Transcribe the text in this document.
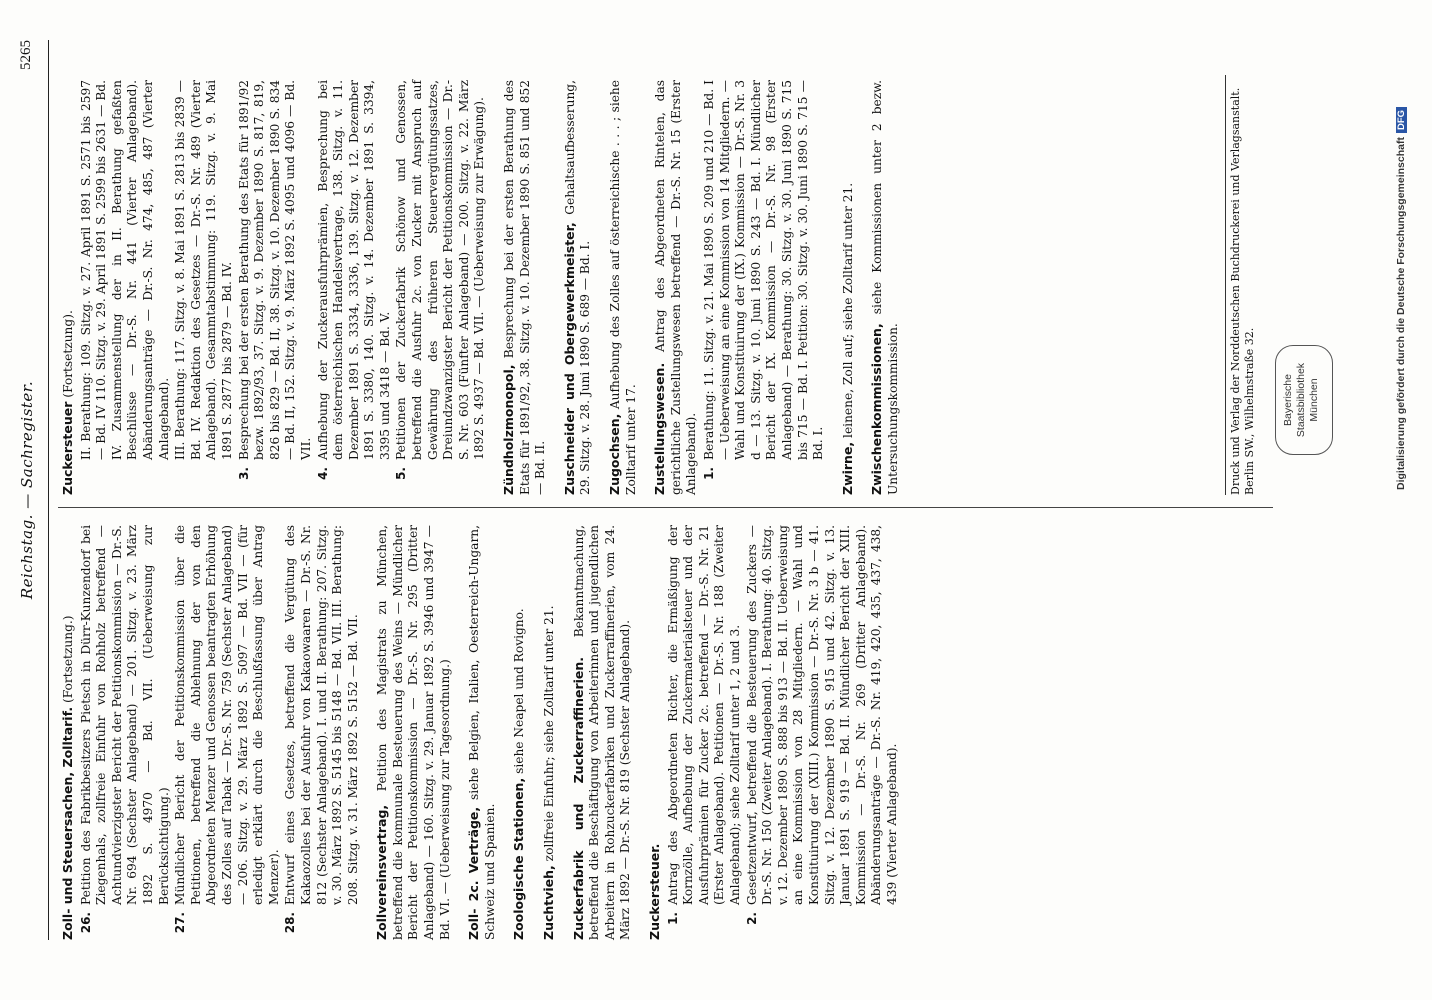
Reichstag. — Sachregister.
5265
Zoll- und Steuersachen, Zolltarif. (Fortsetzung.)
26.
Petition des Fabrikbesitzers Pietsch in Dürr-Kunzendorf bei Ziegenhals, zollfreie Einfuhr von Rohholz betreffend — Achtundvierzigster Bericht der Petitionskommission — Dr.-S. Nr. 694 (Sechster Anlageband) — 201. Sitzg. v. 23. März 1892 S. 4970 — Bd. VII. (Ueberweisung zur Berücksichtigung.)
27.
Mündlicher Bericht der Petitionskommission über die Petitionen, betreffend die Ablehnung der von den Abgeordneten Menzer und Genossen beantragten Erhöhung des Zolles auf Tabak — Dr.-S. Nr. 759 (Sechster Anlageband) — 206. Sitzg. v. 29. März 1892 S. 5097 — Bd. VII — (für erledigt erklärt durch die Beschlußfassung über Antrag Menzer).
28.
Entwurf eines Gesetzes, betreffend die Vergütung des Kakaozolles bei der Ausfuhr von Kakaowaaren — Dr.-S. Nr. 812 (Sechster Anlageband). I. und II. Berathung: 207. Sitzg. v. 30. März 1892 S. 5145 bis 5148 — Bd. VII. III. Berathung: 208. Sitzg. v. 31. März 1892 S. 5152 — Bd. VII. Zollvereinsvertrag, Petition des Magistrats zu München, betreffend die kommunale Besteuerung des Weins — Mündlicher Bericht der Petitionskommission — Dr.-S. Nr. 295 (Dritter Anlageband) — 160. Sitzg. v. 29. Januar 1892 S. 3946 und 3947 — Bd. VI. — (Ueberweisung zur Tagesordnung.) Zoll- 2c. Verträge, siehe Belgien, Italien, Oesterreich-Ungarn, Schweiz und Spanien. Zoologische Stationen, siehe Neapel und Rovigno.
Zuchtvieh, zollfreie Einfuhr; siehe Zolltarif unter 21. Zuckerfabrik und Zuckerraffinerien. Bekanntmachung, betreffend die Beschäftigung von Arbeiterinnen und jugendlichen Arbeitern in Rohzuckerfabriken und Zuckerraffinerien, vom 24. März 1892 — Dr.-S. Nr. 819 (Sechster Anlageband). Zuckersteuer. 1.
Antrag des Abgeordneten Richter, die Ermäßigung der Kornzölle, Aufhebung der Zuckermaterialsteuer und der Ausfuhrprämien für Zucker 2c. betreffend — Dr.-S. Nr. 21 (Erster Anlageband). Petitionen — Dr.-S. Nr. 188 (Zweiter Anlageband); siehe Zolltarif unter 1, 2 und 3.
2.
Gesetzentwurf, betreffend die Besteuerung des Zuckers — Dr.-S. Nr. 150 (Zweiter Anlageband). I. Berathung: 40. Sitzg. v. 12. Dezember 1890 S. 888 bis 913 — Bd. II. Ueberweisung an eine Kommission von 28 Mitgliedern. — Wahl und Konstituirung der (XIII.) Kommission — Dr.-S. Nr. 3 b — 41. Sitzg. v. 12. Dezember 1890 S. 915 und 42. Sitzg. v. 13. Januar 1891 S. 919 — Bd. II. Mündlicher Bericht der XIII. Kommission — Dr.-S. Nr. 269 (Dritter Anlageband). Abänderungsanträge — Dr.-S. Nr. 419, 420, 435, 437, 438, 439 (Vierter Anlageband).
Zuckersteuer (Fortsetzung). II. Berathung: 109. Sitzg. v. 27. April 1891 S. 2571 bis 2597 — Bd. IV 110. Sitzg. v. 29. April 1891 S. 2599 bis 2631 — Bd. IV. Zusammenstellung der in II. Berathung gefaßten Beschlüsse — Dr.-S. Nr. 441 (Vierter Anlageband). Abänderungsanträge — Dr.-S. Nr. 474, 485, 487 (Vierter Anlageband). III. Berathung: 117. Sitzg. v. 8. Mai 1891 S. 2813 bis 2839 — Bd. IV. Redaktion des Gesetzes — Dr.-S. Nr. 489 (Vierter Anlageband). Gesammtabstimmung: 119. Sitzg. v. 9. Mai 1891 S. 2877 bis 2879 — Bd. IV.
3.
Besprechung bei der ersten Berathung des Etats für 1891/92 bezw. 1892/93, 37. Sitzg. v. 9. Dezember 1890 S. 817, 819, 826 bis 829 — Bd. II, 38. Sitzg. v. 10. Dezember 1890 S. 834 — Bd. II, 152. Sitzg. v. 9. März 1892 S. 4095 und 4096 — Bd. VII.
4.
Aufhebung der Zuckerausfuhrprämien, Besprechung bei dem österreichischen Handelsvertrage, 138. Sitzg. v. 11. Dezember 1891 S. 3334, 3336, 139. Sitzg. v. 12. Dezember 1891 S. 3380, 140. Sitzg. v. 14. Dezember 1891 S. 3394, 3395 und 3418 — Bd. V.
5.
Petitionen der Zuckerfabrik Schönow und Genossen, betreffend die Ausfuhr 2c. von Zucker mit Anspruch auf Gewährung des früheren Steuervergütungssatzes, Dreiundzwanzigster Bericht der Petitionskommission — Dr.-S. Nr. 603 (Fünfter Anlageband) — 200. Sitzg. v. 22. März 1892 S. 4937 — Bd. VII. — (Ueberweisung zur Erwägung). Zündholzmonopol, Besprechung bei der ersten Berathung des Etats für 1891/92, 38. Sitzg. v. 10. Dezember 1890 S. 851 und 852 — Bd. II. Zuschneider und Obergewerkmeister, Gehaltsaufbesserung, 29. Sitzg. v. 28. Juni 1890 S. 689 — Bd. I. Zugochsen, Aufhebung des Zolles auf österreichische . . . ; siehe Zolltarif unter 17. Zustellungswesen. Antrag des Abgeordneten Rintelen, das gerichtliche Zustellungswesen betreffend — Dr.-S. Nr. 15 (Erster Anlageband). 1.
Berathung: 11. Sitzg. v. 21. Mai 1890 S. 209 und 210 — Bd. I — Ueberweisung an eine Kommission von 14 Mitgliedern. — Wahl und Konstituirung der (IX.) Kommission — Dr.-S. Nr. 3 d — 13. Sitzg. v. 10. Juni 1890 S. 243 — Bd. I. Mündlicher Bericht der IX. Kommission — Dr.-S. Nr. 98 (Erster Anlageband) — Berathung: 30. Sitzg. v. 30. Juni 1890 S. 715 bis 715 — Bd. I. Petition: 30. Sitzg. v. 30. Juni 1890 S. 715 — Bd. I. Zwirne, leinene, Zoll auf; siehe Zolltarif unter 21. Zwischenkommissionen, siehe Kommissionen unter 2 bezw. Untersuchungskommission.	Druck und Verlag der Norddeutschen Buchdruckerei und Verlagsanstalt. Berlin SW., Wilhelmstraße 32. Bayerische Staatsbibliothek München	Digitalisierung gefördert durch die Deutsche ForschungsgemeinschaftDFG
